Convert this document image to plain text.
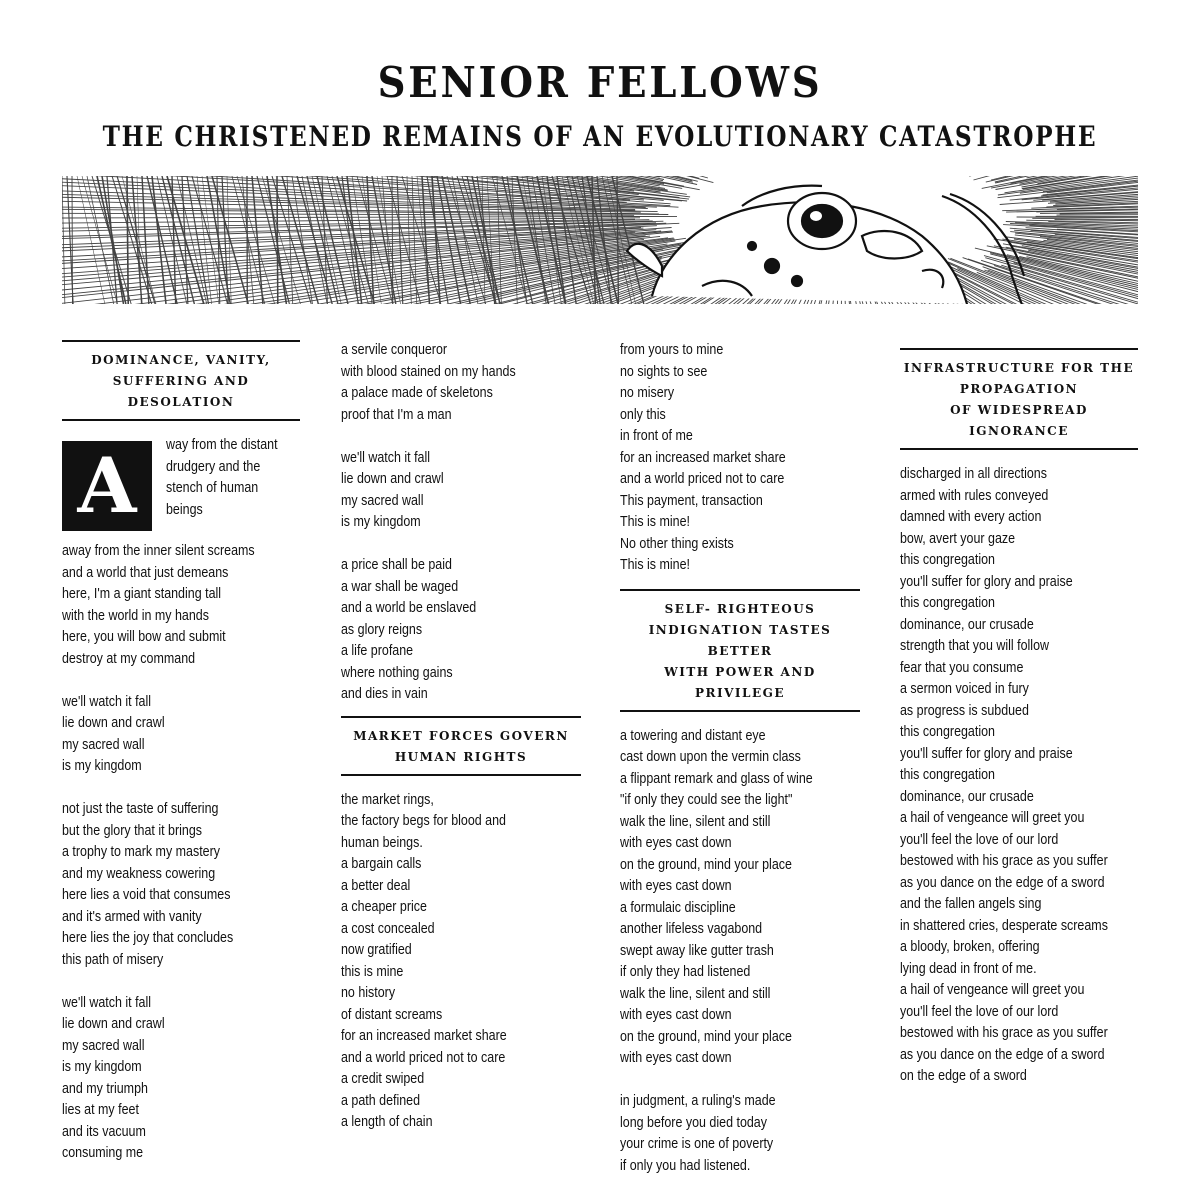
SENIOR FELLOWS
THE CHRISTENED REMAINS OF AN EVOLUTIONARY CATASTROPHE
DOMINANCE, VANITY,
SUFFERING AND DESOLATION
A	way from the distant
drudgery and the
stench of human
beings
away from the inner silent screams
and a world that just demeans
here, I'm a giant standing tall
with the world in my hands
here, you will bow and submit
destroy at my command

we'll watch it fall
lie down and crawl
my sacred wall
is my kingdom

not just the taste of suffering
but the glory that it brings
a trophy to mark my mastery
and my weakness cowering
here lies a void that consumes
and it's armed with vanity
here lies the joy that concludes
this path of misery

we'll watch it fall
lie down and crawl
my sacred wall
is my kingdom
and my triumph
lies at my feet
and its vacuum
consuming me
a servile conqueror
with blood stained on my hands
a palace made of skeletons
proof that I'm a man

we'll watch it fall
lie down and crawl
my sacred wall
is my kingdom

a price shall be paid
a war shall be waged
and a world be enslaved
as glory reigns
a life profane
where nothing gains
and dies in vain
MARKET FORCES GOVERN
HUMAN RIGHTS
the market rings,
the factory begs for blood and
human beings.
a bargain calls
a better deal
a cheaper price
a cost concealed
now gratified
this is mine
no history
of distant screams
for an increased market share
and a world priced not to care
a credit swiped
a path defined
a length of chain
from yours to mine
no sights to see
no misery
only this
in front of me
for an increased market share
and a world priced not to care
This payment, transaction
This is mine!
No other thing exists
This is mine!
SELF- RIGHTEOUS
INDIGNATION TASTES BETTER
WITH POWER AND PRIVILEGE
a towering and distant eye
cast down upon the vermin class
a flippant remark and glass of wine
"if only they could see the light"
walk the line, silent and still
with eyes cast down
on the ground, mind your place
with eyes cast down
a formulaic discipline
another lifeless vagabond
swept away like gutter trash
if only they had listened
walk the line, silent and still
with eyes cast down
on the ground, mind your place
with eyes cast down

in judgment, a ruling's made
long before you died today
your crime is one of poverty
if only you had listened.
INFRASTRUCTURE FOR THE
PROPAGATION
OF WIDESPREAD
IGNORANCE
discharged in all directions
armed with rules conveyed
damned with every action
bow, avert your gaze
this congregation
you'll suffer for glory and praise
this congregation
dominance, our crusade
strength that you will follow
fear that you consume
a sermon voiced in fury
as progress is subdued
this congregation
you'll suffer for glory and praise
this congregation
dominance, our crusade
a hail of vengeance will greet you
you'll feel the love of our lord
bestowed with his grace as you suffer
as you dance on the edge of a sword
and the fallen angels sing
in shattered cries, desperate screams
a bloody, broken, offering
lying dead in front of me.
a hail of vengeance will greet you
you'll feel the love of our lord
bestowed with his grace as you suffer
as you dance on the edge of a sword
on the edge of a sword
